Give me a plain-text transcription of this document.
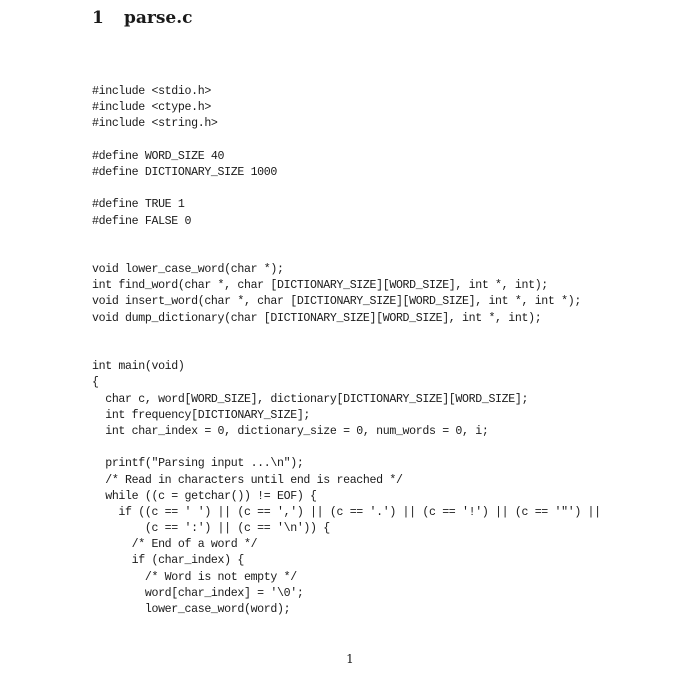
1 parse.c
#include <stdio.h>
#include <ctype.h>
#include <string.h>
#define WORD_SIZE 40
#define DICTIONARY_SIZE 1000
#define TRUE 1
#define FALSE 0
void lower_case_word(char *);
int find_word(char *, char [DICTIONARY_SIZE][WORD_SIZE], int *, int);
void insert_word(char *, char [DICTIONARY_SIZE][WORD_SIZE], int *, int *);
void dump_dictionary(char [DICTIONARY_SIZE][WORD_SIZE], int *, int);
int main(void)
{
char c, word[WORD_SIZE], dictionary[DICTIONARY_SIZE][WORD_SIZE];
int frequency[DICTIONARY_SIZE];
int char_index = 0, dictionary_size = 0, num_words = 0, i;
printf("Parsing input ...\n");
/* Read in characters until end is reached */
while ((c = getchar()) != EOF) {
if ((c == ' ') || (c == ',') || (c == '.') || (c == '!') || (c == '"') ||
(c == ':') || (c == '\n')) {
/* End of a word */
if (char_index) {
/* Word is not empty */
word[char_index] = '\0';
lower_case_word(word);
1
